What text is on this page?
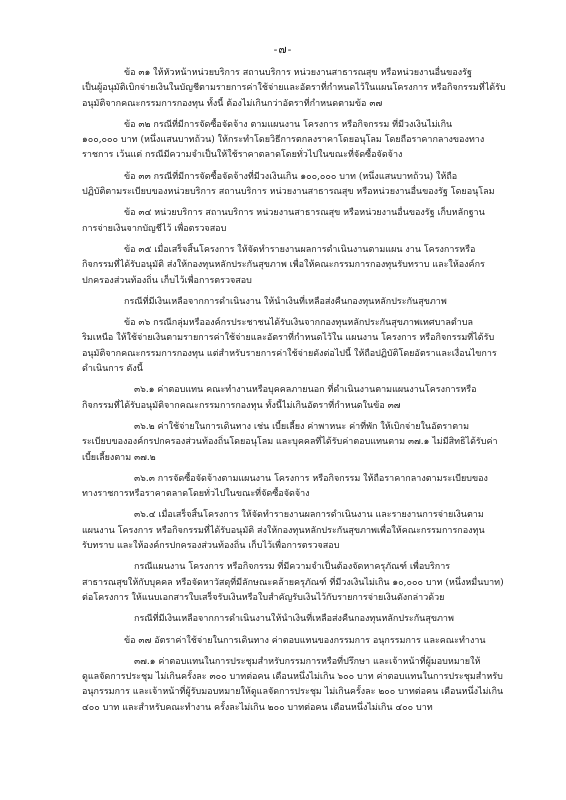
-๗-
ข้อ ๓๑ ให้หัวหน้าหน่วยบริการ สถานบริการ หน่วยงานสาธารณสุข หรือหน่วยงานอื่นของรัฐ
เป็นผู้อนุมัติเบิกจ่ายเงินในบัญชีตามรายการค่าใช้จ่ายและอัตราที่กำหนดไว้ในแผนโครงการ หรือกิจกรรมที่ได้รับ
อนุมัติจากคณะกรรมการกองทุน ทั้งนี้ ต้องไม่เกินกว่าอัตราที่กำหนดตามข้อ ๓๗
ข้อ ๓๒ กรณีที่มีการจัดซื้อจัดจ้าง ตามแผนงาน โครงการ หรือกิจกรรม ที่มีวงเงินไม่เกิน
๑๐๐,๐๐๐ บาท (หนึ่งแสนบาทถ้วน) ให้กระทำโดยวิธีการตกลงราคาโดยอนุโลม โดยถือราคากลางของทาง
ราชการ เว้นแต่ กรณีมีความจำเป็นให้ใช้ราคาตลาดโดยทั่วไปในขณะที่จัดซื้อจัดจ้าง
ข้อ ๓๓ กรณีที่มีการจัดซื้อจัดจ้างที่มีวงเงินเกิน ๑๐๐,๐๐๐ บาท (หนึ่งแสนบาทถ้วน) ให้ถือ
ปฏิบัติตามระเบียบของหน่วยบริการ สถานบริการ หน่วยงานสาธารณสุข หรือหน่วยงานอื่นของรัฐ โดยอนุโลม
ข้อ ๓๔ หน่วยบริการ สถานบริการ หน่วยงานสาธารณสุข หรือหน่วยงานอื่นของรัฐ เก็บหลักฐาน
การจ่ายเงินจากบัญชีไว้ เพื่อตรวจสอบ
ข้อ ๓๕ เมื่อเสร็จสิ้นโครงการ ให้จัดทำรายงานผลการดำเนินงานตามแผน งาน โครงการหรือ
กิจกรรมที่ได้รับอนุมัติ ส่งให้กองทุนหลักประกันสุขภาพ เพื่อให้คณะกรรมการกองทุนรับทราบ และให้องค์กร
ปกครองส่วนท้องถิ่น เก็บไว้เพื่อการตรวจสอบ
กรณีที่มีเงินเหลือจากการดำเนินงาน ให้นำเงินที่เหลือส่งคืนกองทุนหลักประกันสุขภาพ
ข้อ ๓๖ กรณีกลุ่มหรือองค์กรประชาชนได้รับเงินจากกองทุนหลักประกันสุขภาพเทศบาลตำบล
ริมเหนือ ให้ใช้จ่ายเงินตามรายการค่าใช้จ่ายและอัตราที่กำหนดไว้ใน แผนงาน โครงการ หรือกิจกรรมที่ได้รับ
อนุมัติจากคณะกรรมการกองทุน แต่สำหรับรายการค่าใช้จ่ายดังต่อไปนี้ ให้ถือปฏิบัติโดยอัตราและเงื่อนไขการ
ดำเนินการ ดังนี้
๓๖.๑ ค่าตอบแทน คณะทำงานหรือบุคคลภายนอก ที่ดำเนินงานตามแผนงานโครงการหรือ
กิจกรรมที่ได้รับอนุมัติจากคณะกรรมการกองทุน ทั้งนี้ไม่เกินอัตราที่กำหนดในข้อ ๓๗
๓๖.๒ ค่าใช้จ่ายในการเดินทาง เช่น เบี้ยเลี้ยง ค่าพาหนะ ค่าที่พัก ให้เบิกจ่ายในอัตราตาม
ระเบียบขององค์กรปกครองส่วนท้องถิ่นโดยอนุโลม และบุคคลที่ได้รับค่าตอบแทนตาม ๓๗.๑ ไม่มีสิทธิได้รับค่า
เบี้ยเลี้ยงตาม ๓๗.๒
๓๖.๓ การจัดซื้อจัดจ้างตามแผนงาน โครงการ หรือกิจกรรม ให้ถือราคากลางตามระเบียบของ
ทางราชการหรือราคาตลาดโดยทั่วไปในขณะที่จัดซื้อจัดจ้าง
๓๖.๔ เมื่อเสร็จสิ้นโครงการ ให้จัดทำรายงานผลการดำเนินงาน และรายงานการจ่ายเงินตาม
แผนงาน โครงการ หรือกิจกรรมที่ได้รับอนุมัติ ส่งให้กองทุนหลักประกันสุขภาพเพื่อให้คณะกรรมการกองทุน
รับทราบ และให้องค์กรปกครองส่วนท้องถิ่น เก็บไว้เพื่อการตรวจสอบ
กรณีแผนงาน โครงการ หรือกิจกรรม ที่มีความจำเป็นต้องจัดหาครุภัณฑ์ เพื่อบริการ
สาธารณสุขให้กับบุคคล หรือจัดหาวัสดุที่มีลักษณะคล้ายครุภัณฑ์ ที่มีวงเงินไม่เกิน ๑๐,๐๐๐ บาท (หนึ่งหมื่นบาท)
ต่อโครงการ ให้แนบเอกสารใบเสร็จรับเงินหรือใบสำคัญรับเงินไว้กับรายการจ่ายเงินดังกล่าวด้วย
กรณีที่มีเงินเหลือจากการดำเนินงานให้นำเงินที่เหลือส่งคืนกองทุนหลักประกันสุขภาพ
ข้อ ๓๗ อัตราค่าใช้จ่ายในการเดินทาง ค่าตอบแทนของกรรมการ อนุกรรมการ และคณะทำงาน
๓๗.๑ ค่าตอบแทนในการประชุมสำหรับกรรมการหรือที่ปรึกษา และเจ้าหน้าที่ผู้มอบหมายให้
ดูแลจัดการประชุม ไม่เกินครั้งละ ๓๐๐ บาทต่อคน เดือนหนึ่งไม่เกิน ๖๐๐ บาท ค่าตอบแทนในการประชุมสำหรับ
อนุกรรมการ และเจ้าหน้าที่ผู้รับมอบหมายให้ดูแลจัดการประชุม ไม่เกินครั้งละ ๒๐๐ บาทต่อคน เดือนหนึ่งไม่เกิน
๔๐๐ บาท และสำหรับคณะทำงาน ครั้งละไม่เกิน ๒๐๐ บาทต่อคน เดือนหนึ่งไม่เกิน ๔๐๐ บาท
